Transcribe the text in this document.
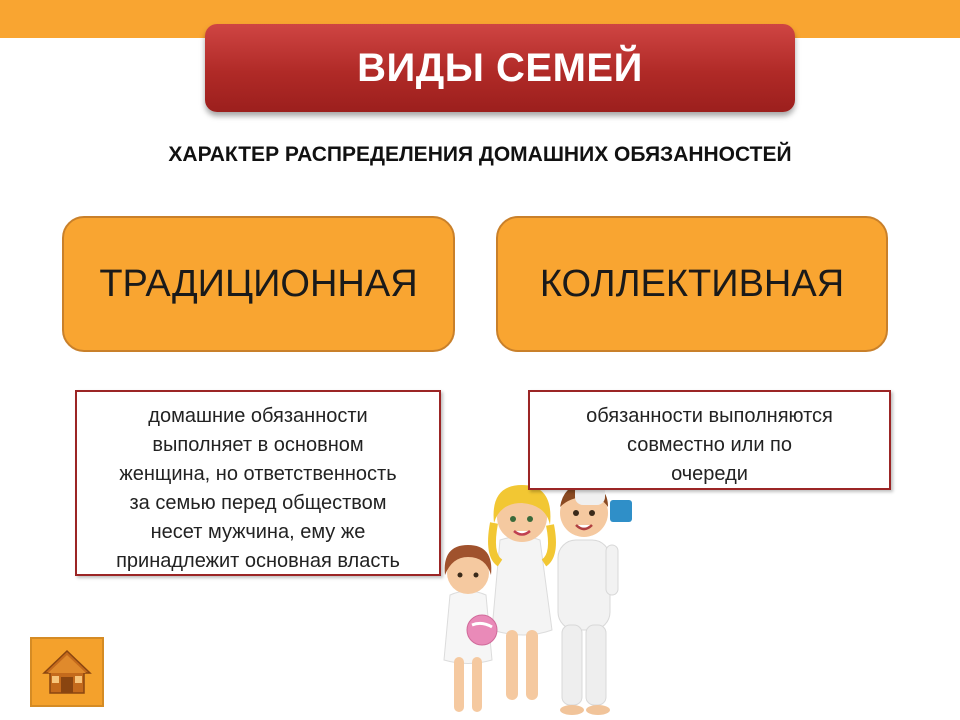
ВИДЫ СЕМЕЙ
ХАРАКТЕР РАСПРЕДЕЛЕНИЯ ДОМАШНИХ ОБЯЗАННОСТЕЙ
ТРАДИЦИОННАЯ	КОЛЛЕКТИВНАЯ
домашние обязанности
выполняет в основном
женщина, но ответственность
за семью перед обществом
несет мужчина, ему же
принадлежит основная власть
обязанности выполняются
совместно или по
очереди
